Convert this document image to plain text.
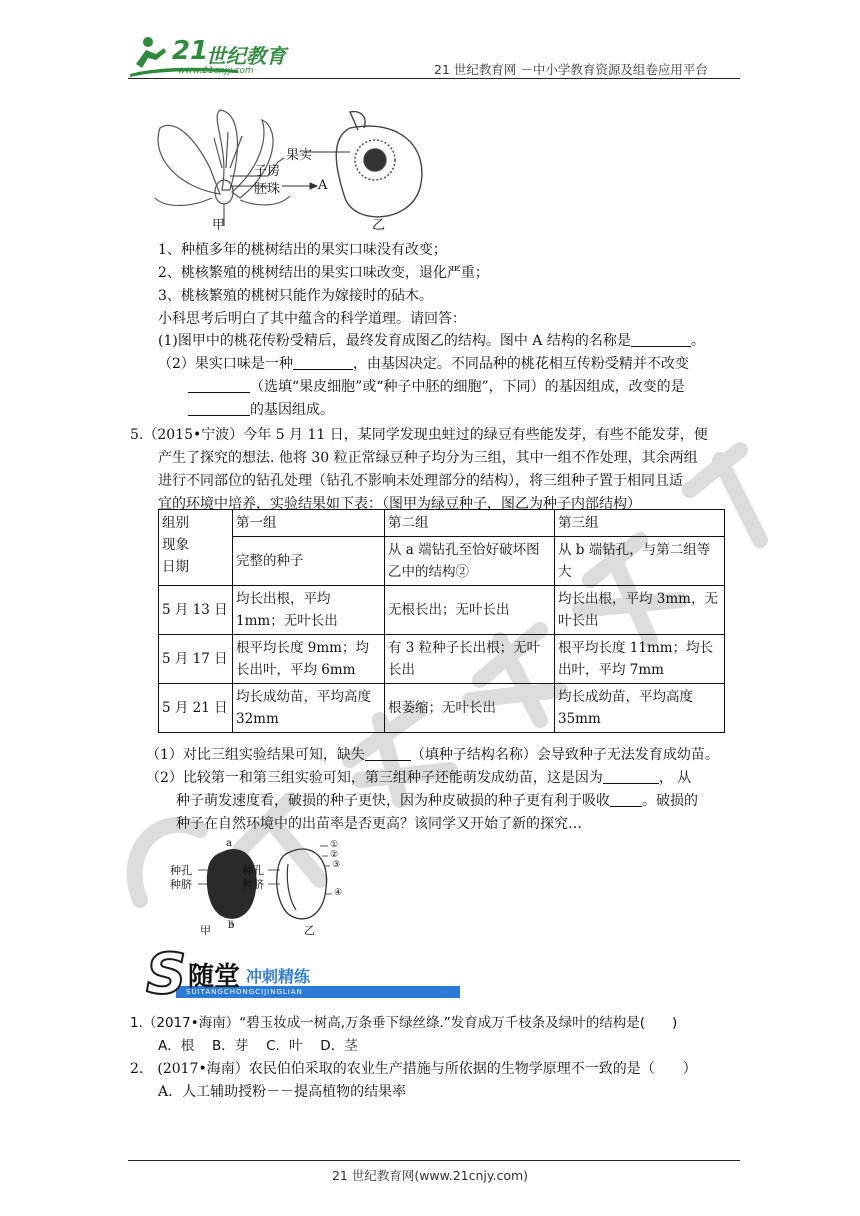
21
世纪教育
www.21cnjy.com	21 世纪教育网 －中小学教育资源及组卷应用平台
果实
子房
胚珠	A
甲	乙
1、种植多年的桃树结出的果实口味没有改变；
2、桃核繁殖的桃树结出的果实口味改变，退化严重；
3、桃核繁殖的桃树只能作为嫁接时的砧木。
小科思考后明白了其中蕴含的科学道理。请回答：
(1)图甲中的桃花传粉受精后，最终发育成图乙的结构。图中 A 结构的名称是	。
（2）果实口味是一种	，由基因决定。不同品种的桃花相互传粉受精并不改变
（选填“果皮细胞”或“种子中胚的细胞”，下同）的基因组成，改变的是
的基因组成。
5.（2015•宁波）今年 5 月 11 日，某同学发现虫蛀过的绿豆有些能发芽，有些不能发芽，便
产生了探究的想法. 他将 30 粒正常绿豆种子均分为三组，其中一组不作处理，其余两组
进行不同部位的钻孔处理（钻孔不影响未处理部分的结构），将三组种子置于相同且适
宜的环境中培养，实验结果如下表：（图甲为绿豆种子，图乙为种子内部结构）
组别
现象
日期	第一组	第二组	第三组
	完整的种子	从 a 端钻孔至恰好破坏图乙中的结构②	从 b 端钻孔，与第二组等大
5 月 13 日	均长出根，平均 1mm；无叶长出	无根长出；无叶长出	均长出根，平均 3mm，无叶长出
5 月 17 日	根平均长度 9mm；均长出叶，平均 6mm	有 3 粒种子长出根；无叶长出	根平均长度 11mm；均长出叶，平均 7mm
5 月 21 日	均长成幼苗，平均高度 32mm	根萎缩；无叶长出	均长成幼苗，平均高度 35mm
（1）对比三组实验结果可知，缺失	（填种子结构名称）会导致种子无法发育成幼苗。
（2）比较第一和第三组实验可知，第三组种子还能萌发成幼苗，这是因为	， 从
种子萌发速度看，破损的种子更快，因为种皮破损的种子更有利于吸收 。破损的
种子在自然环境中的出苗率是否更高？该同学又开始了新的探究…
种孔
种脐
种孔
种脐
a
b
①
②
③
④
甲	乙
S 随堂 冲刺精练
SUITANGCHONGCIJINGLIAN
1.（2017•海南）“碧玉妆成一树高,万条垂下绿丝绦.”发育成万千枝条及绿叶的结构是(　　)
A．根　 B．芽　 C．叶　 D．茎
2.　(2017•海南）农民伯伯采取的农业生产措施与所依据的生物学原理不一致的是（　　）
A．人工辅助授粉－－提高植物的结果率
21 世纪教育网(www.21cnjy.com)
